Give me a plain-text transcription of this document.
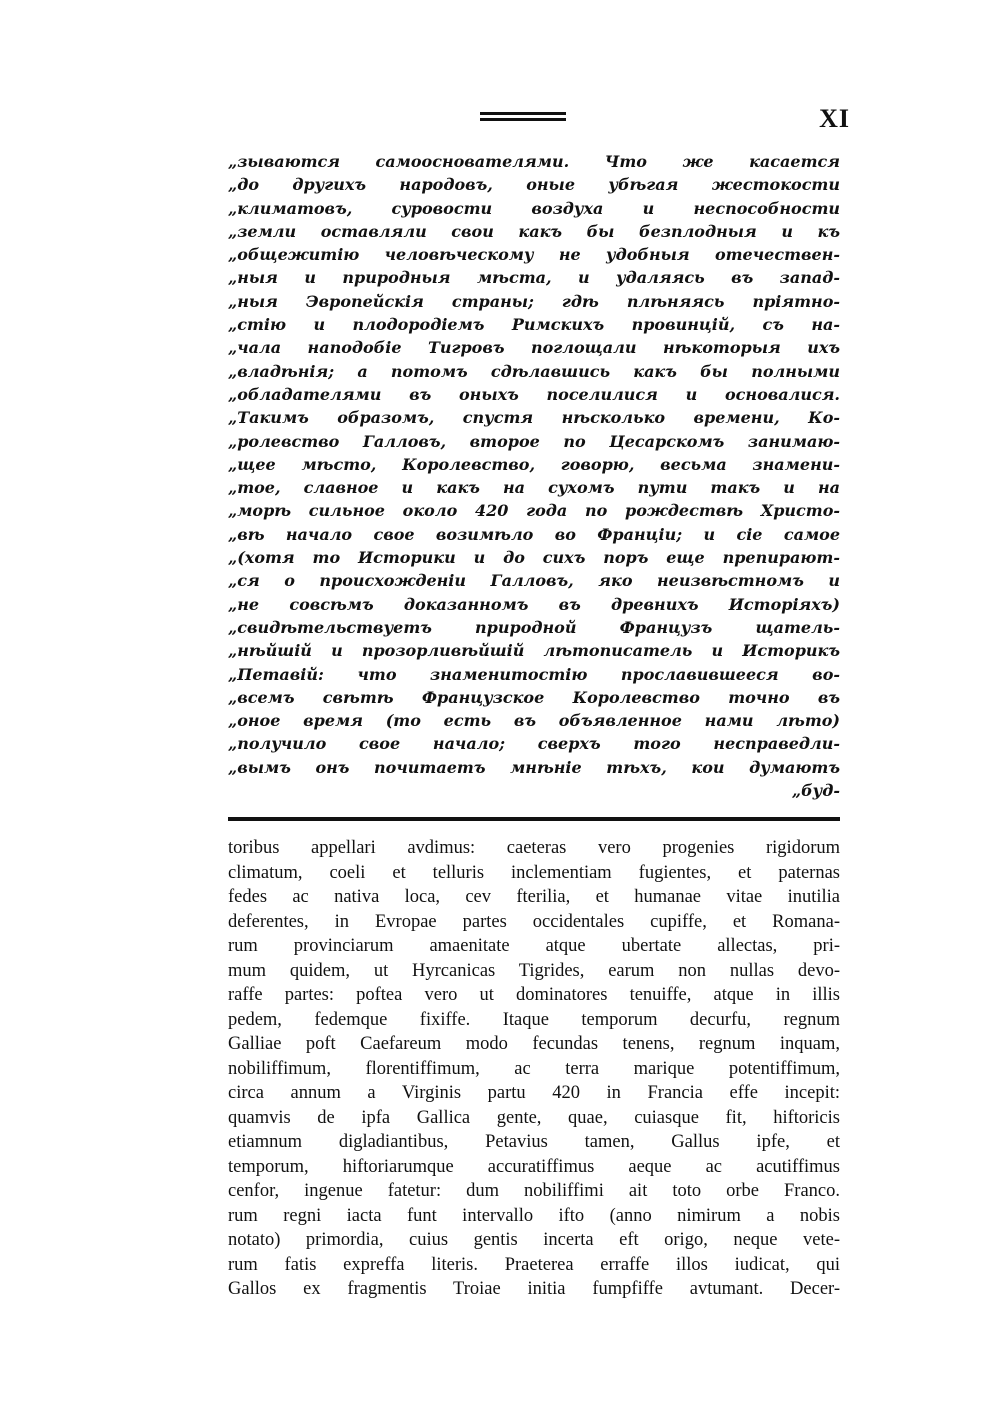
XI
„зываются самооснователями. Что же касается
„до другихъ народовъ, оные убѣгая жестокости
„климатовъ, суровости воздуха и неспособности
„земли оставляли свои какъ бы безплодныя и къ
„общежитiю человѣческому не удобныя отечествен-
„ныя и природныя мѣста, и удаляясь въ запад-
„ныя Эвропейскiя страны; гдѣ плѣняясь прiятно-
„стiю и плодородiемъ Римскихъ провинцiй, съ на-
„чала наподобiе Тигровъ поглощали нѣкоторыя ихъ
„владѣнiя; а потомъ сдѣлавшись какъ бы полными
„обладателями въ оныхъ поселилися и основалися.
„Такимъ образомъ, спустя нѣсколько времени, Ко-
„ролевство Галловъ, второе по Цесарскомъ занимаю-
„щее мѣсто, Королевство, говорю, весьма знамени-
„тое, славное и какъ на сухомъ пути такъ и на
„морѣ сильное около 420 года по рождествѣ Христо-
„вѣ начало свое возимѣло во Францiи; и сiе самое
„(хотя то Историки и до сихъ поръ еще препирают-
„ся о происхожденiи Галловъ, яко неизвѣстномъ и
„не совсѣмъ доказанномъ въ древнихъ Исторiяхъ)
„свидѣтельствуетъ природной Французъ щатель-
„нѣйшiй и прозорливѣйшiй лѣтописатель и Историкъ
„Петавiй: что знаменитостiю прославившееся во-
„всемъ свѣтѣ Французское Королевство точно въ
„оное время (то есть въ объявленное нами лѣто)
„получило свое начало; сверхъ того несправедли-
„вымъ онъ почитаетъ мнѣнiе тѣхъ, кои думаютъ
„буд-
toribus appellari avdimus: caeteras vero progenies rigidorum
climatum, coeli et telluris inclementiam fugientes, et paternas
fedes ac nativa loca, cev fterilia, et humanae vitae inutilia
deferentes, in Evropae partes occidentales cupiffe, et Romana-
rum provinciarum amaenitate atque ubertate allectas, pri-
mum quidem, ut Hyrcanicas Tigrides, earum non nullas devo-
raffe partes: poftea vero ut dominatores tenuiffe, atque in illis
pedem, fedemque fixiffe. Itaque temporum decurfu, regnum
Galliae poft Caefareum modo fecundas tenens, regnum inquam,
nobiliffimum, florentiffimum, ac terra marique potentiffimum,
circa annum a Virginis partu 420 in Francia effe incepit:
quamvis de ipfa Gallica gente, quae, cuiasque fit, hiftoricis
etiamnum digladiantibus, Petavius tamen, Gallus ipfe, et
temporum, hiftoriarumque accuratiffimus aeque ac acutiffimus
cenfor, ingenue fatetur: dum nobiliffimi ait toto orbe Franco.
rum regni iacta funt intervallo ifto (anno nimirum a nobis
notato) primordia, cuius gentis incerta eft origo, neque vete-
rum fatis expreffa literis. Praeterea erraffe illos iudicat, qui
Gallos ex fragmentis Troiae initia fumpfiffe avtumant. Decer-
